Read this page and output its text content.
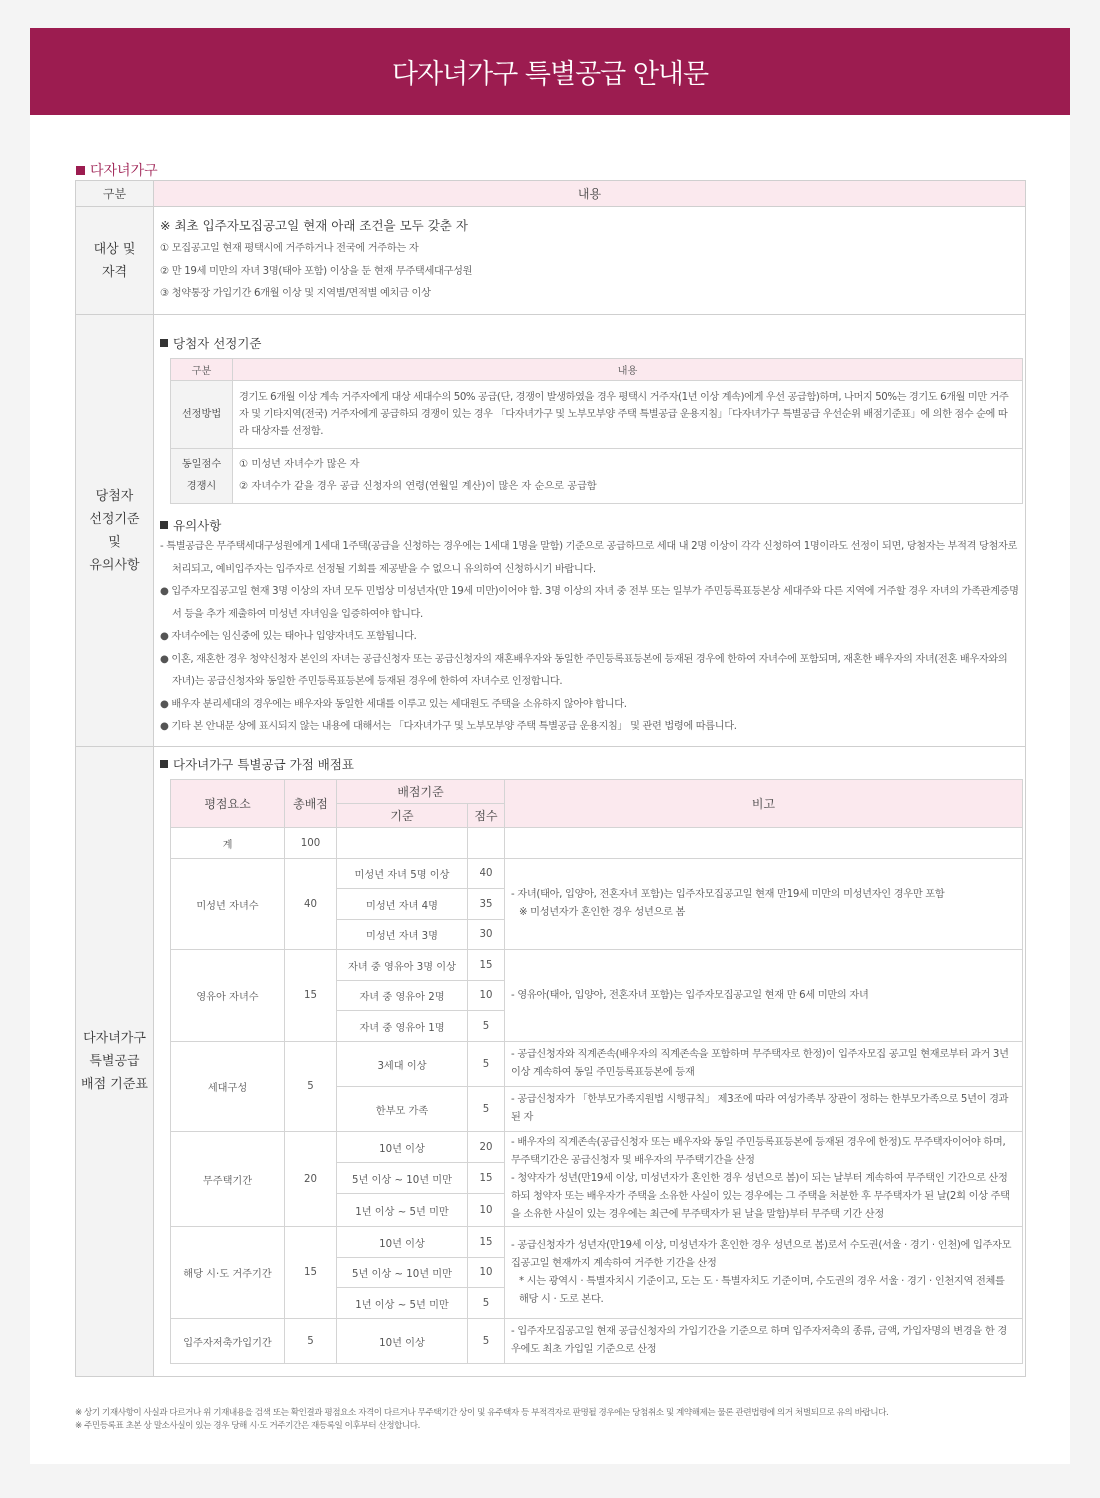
다자녀가구 특별공급 안내문
다자녀가구
구분	내용

대상 및
자격

※ 최초 입주자모집공고일 현재 아래 조건을 모두 갖춘 자
① 모집공고일 현재 평택시에 거주하거나 전국에 거주하는 자
② 만 19세 미만의 자녀 3명(태아 포함) 이상을 둔 현재 무주택세대구성원
③ 청약통장 가입기간 6개월 이상 및 지역별/면적별 예치금 이상

당첨자
선정기준
및
유의사항

당첨자 선정기준
구분	내용
선정방법	경기도 6개월 이상 계속 거주자에게 대상 세대수의 50% 공급(단, 경쟁이 발생하였을 경우 평택시 거주자(1년 이상 계속)에게 우선 공급함)하며, 나머지 50%는 경기도 6개월 미만 거주자 및 기타지역(전국) 거주자에게 공급하되 경쟁이 있는 경우 「다자녀가구 및 노부모부양 주택 특별공급 운용지침」「다자녀가구 특별공급 우선순위 배점기준표」에 의한 점수 순에 따라 대상자를 선정함.

동일점수
경쟁시

① 미성년 자녀수가 많은 자
② 자녀수가 같을 경우 공급 신청자의 연령(연월일 계산)이 많은 자 순으로 공급함
유의사항
- 특별공급은 무주택세대구성원에게 1세대 1주택(공급을 신청하는 경우에는 1세대 1명을 말함) 기준으로 공급하므로 세대 내 2명 이상이 각각 신청하여 1명이라도 선정이 되면, 당첨자는 부적격 당첨자로 처리되고, 예비입주자는 입주자로 선정될 기회를 제공받을 수 없으니 유의하여 신청하시기 바랍니다.
● 입주자모집공고일 현재 3명 이상의 자녀 모두 민법상 미성년자(만 19세 미만)이어야 함. 3명 이상의 자녀 중 전부 또는 일부가 주민등록표등본상 세대주와 다른 지역에 거주할 경우 자녀의 가족관계증명서 등을 추가 제출하여 미성년 자녀임을 입증하여야 합니다.
● 자녀수에는 임신중에 있는 태아나 입양자녀도 포함됩니다.
● 이혼, 재혼한 경우 청약신청자 본인의 자녀는 공급신청자 또는 공급신청자의 재혼배우자와 동일한 주민등록표등본에 등재된 경우에 한하여 자녀수에 포함되며, 재혼한 배우자의 자녀(전혼 배우자와의 자녀)는 공급신청자와 동일한 주민등록표등본에 등재된 경우에 한하여 자녀수로 인정합니다.
● 배우자 분리세대의 경우에는 배우자와 동일한 세대를 이루고 있는 세대원도 주택을 소유하지 않아야 합니다.
● 기타 본 안내문 상에 표시되지 않는 내용에 대해서는 「다자녀가구 및 노부모부양 주택 특별공급 운용지침」 및 관련 법령에 따릅니다.

다자녀가구
특별공급
배점 기준표

다자녀가구 특별공급 가점 배점표
평점요소	총배점	배점기준	비고
기준	점수
계	100			
미성년 자녀수	40	미성년 자녀 5명 이상	40	
- 자녀(태아, 입양아, 전혼자녀 포함)는 입주자모집공고일 현재 만19세 미만의 미성년자인 경우만 포함
※ 미성년자가 혼인한 경우 성년으로 봄

미성년 자녀 4명	35
미성년 자녀 3명	30
영유아 자녀수	15	자녀 중 영유아 3명 이상	15	- 영유아(태아, 입양아, 전혼자녀 포함)는 입주자모집공고일 현재 만 6세 미만의 자녀
자녀 중 영유아 2명	10
자녀 중 영유아 1명	5
세대구성	5	3세대 이상	5	- 공급신청자와 직계존속(배우자의 직계존속을 포함하며 무주택자로 한정)이 입주자모집 공고일 현재로부터 과거 3년 이상 계속하여 동일 주민등록표등본에 등재
한부모 가족	5	- 공급신청자가 「한부모가족지원법 시행규칙」 제3조에 따라 여성가족부 장관이 정하는 한부모가족으로 5년이 경과된 자
무주택기간	20	10년 이상	20	- 배우자의 직계존속(공급신청자 또는 배우자와 동일 주민등록표등본에 등재된 경우에 한정)도 무주택자이어야 하며, 무주택기간은 공급신청자 및 배우자의 무주택기간을 산정
- 청약자가 성년(만19세 이상, 미성년자가 혼인한 경우 성년으로 봄)이 되는 날부터 계속하여 무주택인 기간으로 산정하되 청약자 또는 배우자가 주택을 소유한 사실이 있는 경우에는 그 주택을 처분한 후 무주택자가 된 날(2회 이상 주택을 소유한 사실이 있는 경우에는 최근에 무주택자가 된 날을 말함)부터 무주택 기간 산정

5년 이상 ~ 10년 미만	15
1년 이상 ~ 5년 미만	10
해당 시·도 거주기간	15	10년 이상	15	- 공급신청자가 성년자(만19세 이상, 미성년자가 혼인한 경우 성년으로 봄)로서 수도권(서울 · 경기 · 인천)에 입주자모집공고일 현재까지 계속하여 거주한 기간을 산정
* 시는 광역시 · 특별자치시 기준이고, 도는 도 · 특별자치도 기준이며, 수도권의 경우 서울 · 경기 · 인천지역 전체를 해당 시 · 도로 본다.

5년 이상 ~ 10년 미만	10
1년 이상 ~ 5년 미만	5
입주자저축가입기간	5	10년 이상	5	- 입주자모집공고일 현재 공급신청자의 가입기간을 기준으로 하며 입주자저축의 종류, 금액, 가입자명의 변경을 한 경우에도 최초 가입일 기준으로 산정
※ 상기 기재사항이 사실과 다르거나 위 기재내용을 검색 또는 확인결과 평점요소 자격이 다르거나 무주택기간 상이 및 유주택자 등 부적격자로 판명될 경우에는 당첨취소 및 계약해제는 물론 관련법령에 의거 처벌되므로 유의 바랍니다.
※ 주민등록표 초본 상 말소사실이 있는 경우 당해 시·도 거주기간은 재등록일 이후부터 산정합니다.
